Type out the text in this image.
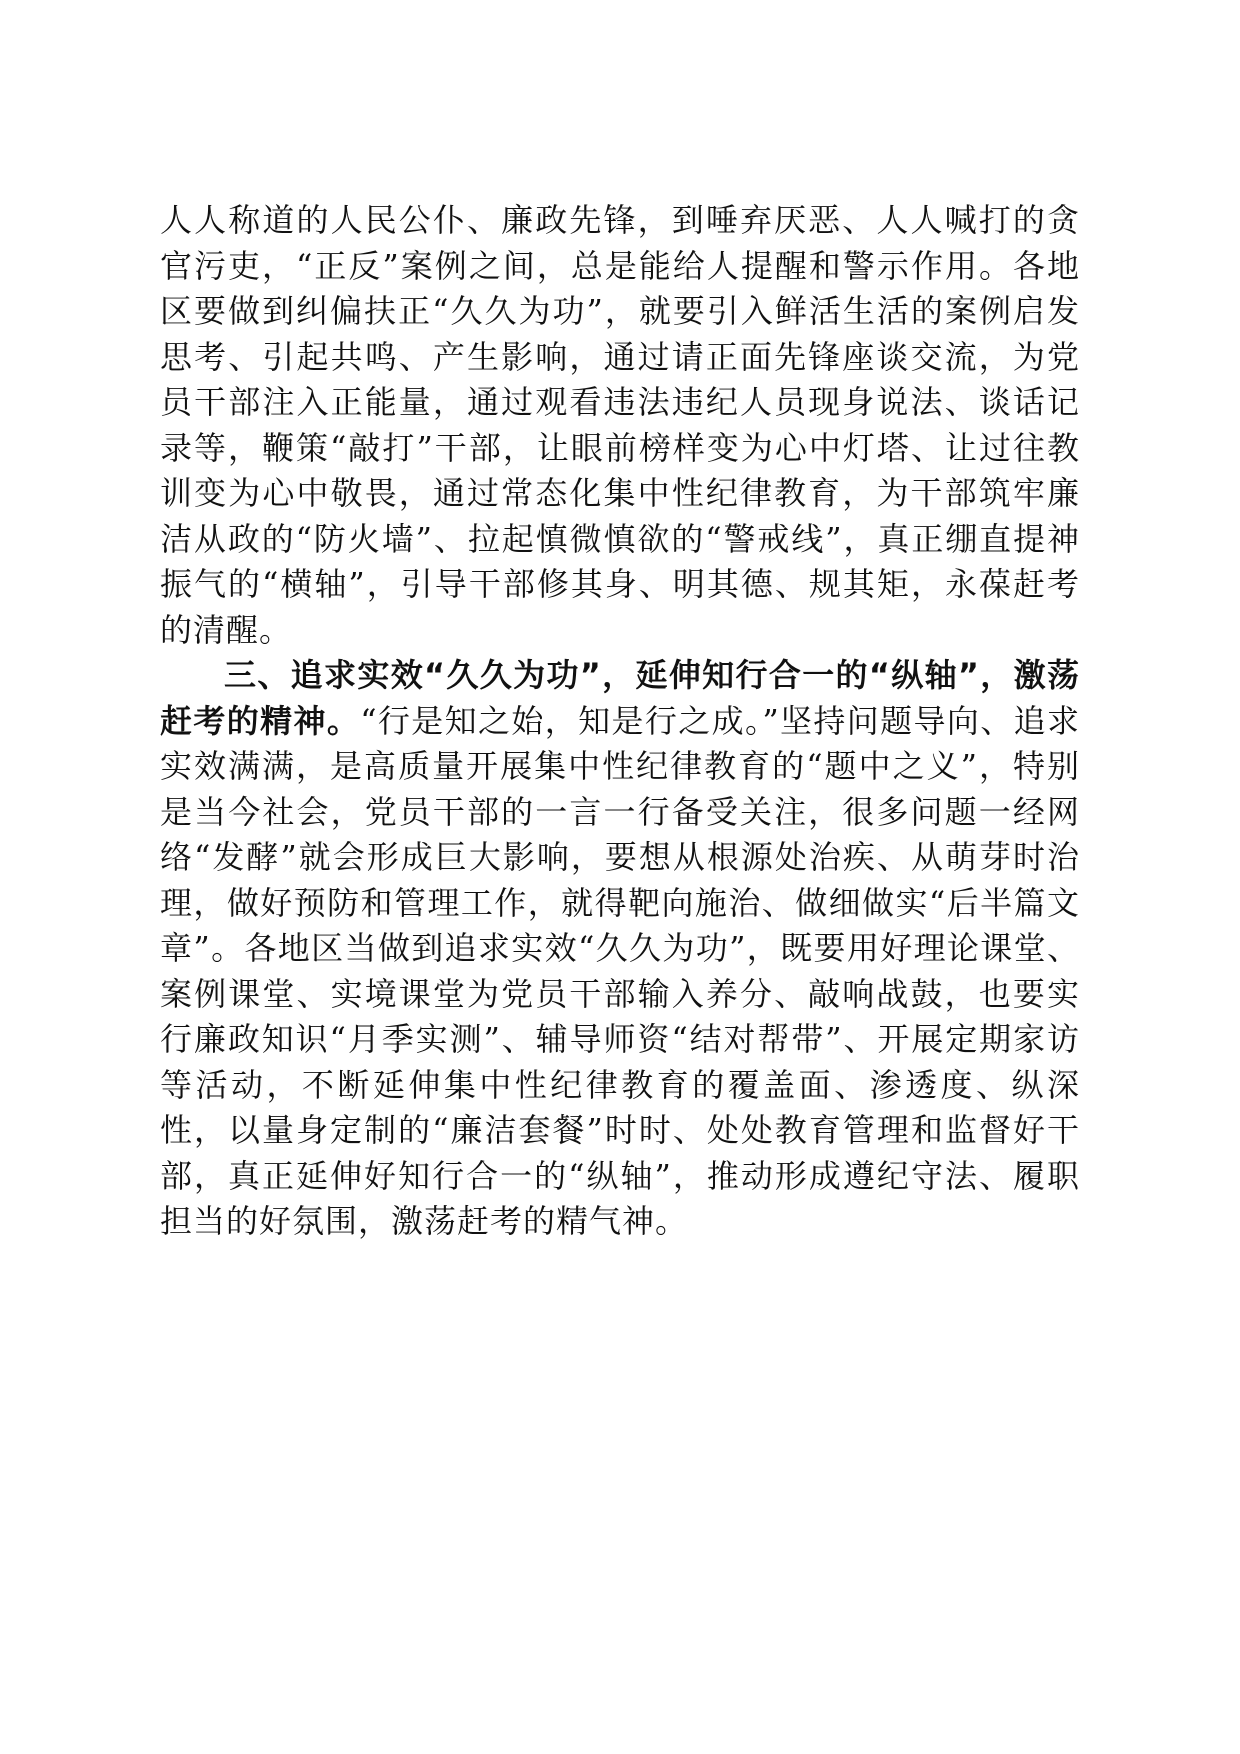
人人称道的人民公仆、廉政先锋，到唾弃厌恶、人人喊打的贪官污吏，“正反”案例之间，总是能给人提醒和警示作用。各地区要做到纠偏扶正“久久为功”，就要引入鲜活生活的案例启发思考、引起共鸣、产生影响，通过请正面先锋座谈交流，为党员干部注入正能量，通过观看违法违纪人员现身说法、谈话记录等，鞭策“敲打”干部，让眼前榜样变为心中灯塔、让过往教训变为心中敬畏，通过常态化集中性纪律教育，为干部筑牢廉洁从政的“防火墙”、拉起慎微慎欲的“警戒线”，真正绷直提神振气的“横轴”，引导干部修其身、明其德、规其矩，永葆赶考的清醒。

三、追求实效“久久为功”，延伸知行合一的“纵轴”，激荡赶考的精神。“行是知之始，知是行之成。”坚持问题导向、追求实效满满，是高质量开展集中性纪律教育的“题中之义”，特别是当今社会，党员干部的一言一行备受关注，很多问题一经网络“发酵”就会形成巨大影响，要想从根源处治疾、从萌芽时治理，做好预防和管理工作，就得靶向施治、做细做实“后半篇文章”。各地区当做到追求实效“久久为功”，既要用好理论课堂、案例课堂、实境课堂为党员干部输入养分、敲响战鼓，也要实行廉政知识“月季实测”、辅导师资“结对帮带”、开展定期家访等活动，不断延伸集中性纪律教育的覆盖面、渗透度、纵深性，以量身定制的“廉洁套餐”时时、处处教育管理和监督好干部，真正延伸好知行合一的“纵轴”，推动形成遵纪守法、履职担当的好氛围，激荡赶考的精气神。
